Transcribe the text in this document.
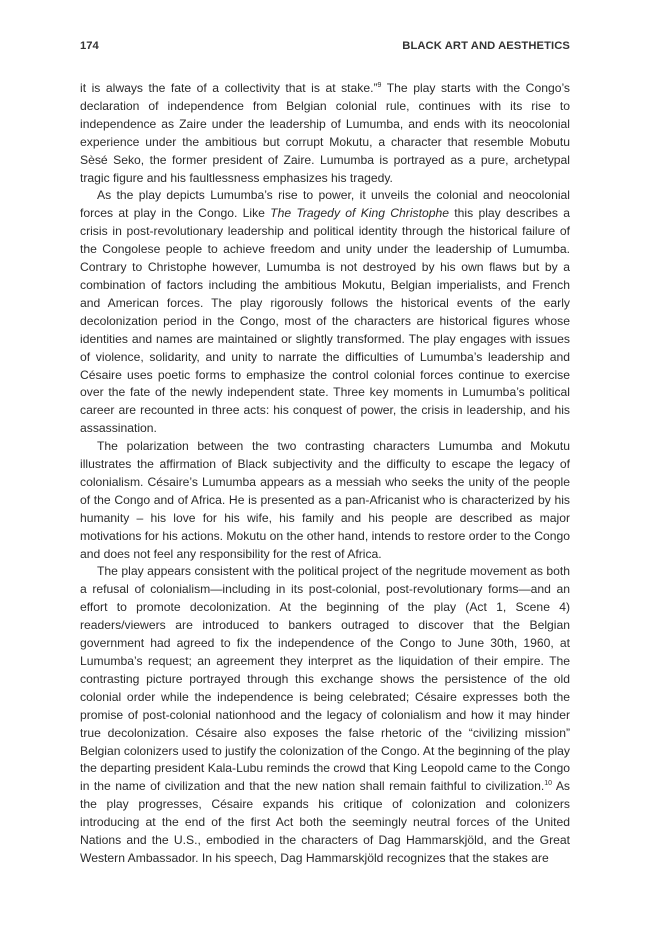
174	BLACK ART AND AESTHETICS

it is always the fate of a collectivity that is at stake.”$^9$ The play starts with the Congo’s declaration of independence from Belgian colonial rule, continues with its rise to independence as Zaire under the leadership of Lumumba, and ends with its neocolonial experience under the ambitious but corrupt Mokutu, a character that resemble Mobutu Sèsé Seko, the former president of Zaire. Lumumba is portrayed as a pure, archetypal tragic figure and his faultlessness emphasizes his tragedy.

As the play depicts Lumumba’s rise to power, it unveils the colonial and neocolonial forces at play in the Congo. Like The Tragedy of King Christophe this play describes a crisis in post-revolutionary leadership and political identity through the historical failure of the Congolese people to achieve freedom and unity under the leadership of Lumumba. Contrary to Christophe however, Lumumba is not destroyed by his own flaws but by a combination of factors including the ambitious Mokutu, Belgian imperialists, and French and American forces. The play rigorously follows the historical events of the early decolonization period in the Congo, most of the characters are historical figures whose identities and names are maintained or slightly transformed. The play engages with issues of violence, solidarity, and unity to narrate the difficulties of Lumumba’s leadership and Césaire uses poetic forms to emphasize the control colonial forces continue to exercise over the fate of the newly independent state. Three key moments in Lumumba’s political career are recounted in three acts: his conquest of power, the crisis in leadership, and his assassination.

The polarization between the two contrasting characters Lumumba and Mokutu illustrates the affirmation of Black subjectivity and the difficulty to escape the legacy of colonialism. Césaire’s Lumumba appears as a messiah who seeks the unity of the people of the Congo and of Africa. He is presented as a pan-Africanist who is characterized by his humanity – his love for his wife, his family and his people are described as major motivations for his actions. Mokutu on the other hand, intends to restore order to the Congo and does not feel any responsibility for the rest of Africa.

The play appears consistent with the political project of the negritude movement as both a refusal of colonialism—including in its post-colonial, post-revolutionary forms—and an effort to promote decolonization. At the beginning of the play (Act 1, Scene 4) readers/viewers are introduced to bankers outraged to discover that the Belgian government had agreed to fix the independence of the Congo to June 30th, 1960, at Lumumba’s request; an agreement they interpret as the liquidation of their empire. The contrasting picture portrayed through this exchange shows the persistence of the old colonial order while the independence is being celebrated; Césaire expresses both the promise of post-colonial nationhood and the legacy of colonialism and how it may hinder true decolonization. Césaire also exposes the false rhetoric of the “civilizing mission” Belgian colonizers used to justify the colonization of the Congo. At the beginning of the play the departing president Kala-Lubu reminds the crowd that King Leopold came to the Congo in the name of civilization and that the new nation shall remain faithful to civilization.$^{10}$ As the play progresses, Césaire expands his critique of colonization and colonizers introducing at the end of the first Act both the seemingly neutral forces of the United Nations and the U.S., embodied in the characters of Dag Hammarskjöld, and the Great Western Ambassador. In his speech, Dag Hammarskjöld recognizes that the stakes are
